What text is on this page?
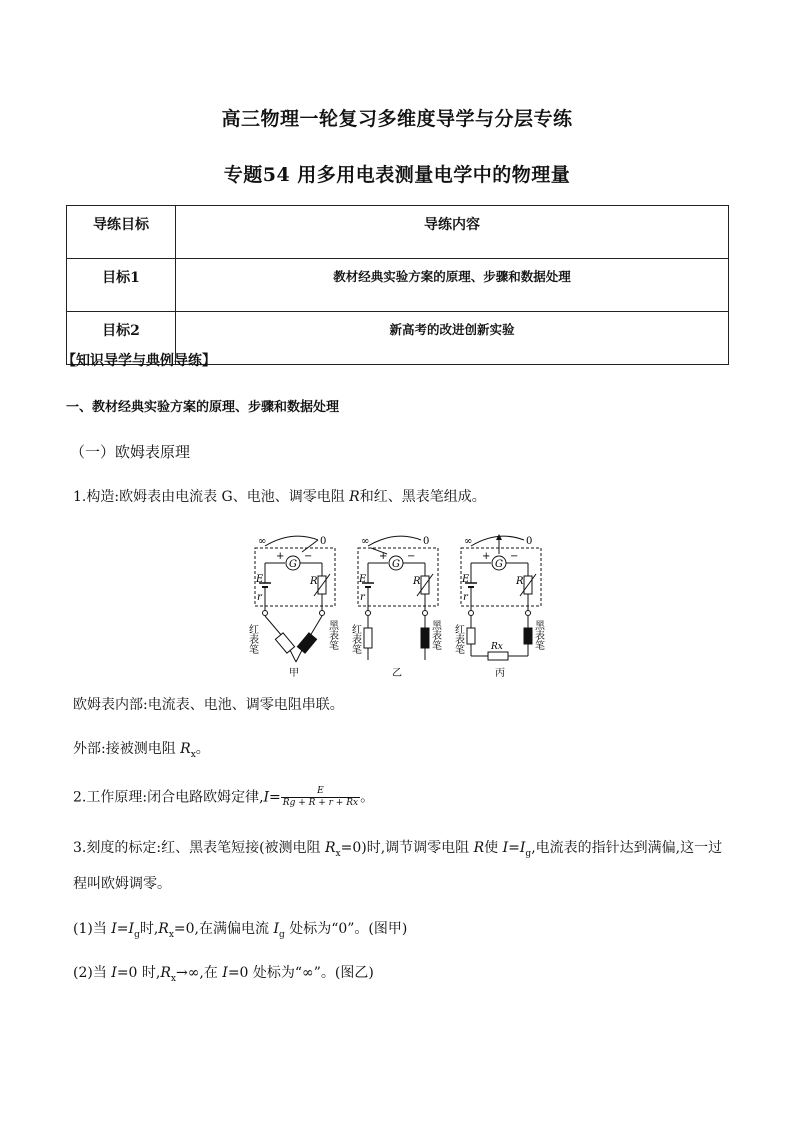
高三物理一轮复习多维度导学与分层专练
专题54 用多用电表测量电学中的物理量
导练目标	导练内容
目标1	教材经典实验方案的原理、步骤和数据处理
目标2	新高考的改进创新实验
【知识导学与典例导练】
一、教材经典实验方案的原理、步骤和数据处理
（一）欧姆表原理
1.构造:欧姆表由电流表 G、电池、调零电阻 R和红、黑表笔组成。
∞	0
G
+ −
E
r
R
红表笔	黑表笔
甲
∞	0
G
+ −
E
r
R
红表笔	黑表笔
乙
∞	0
G
+ −
E
r
R
红表笔	黑表笔
Rx
丙
欧姆表内部:电流表、电池、调零电阻串联。
外部:接被测电阻 $R_x$。
2.工作原理:闭合电路欧姆定律$,I= \frac{E}{Rg + R + r + Rx}$ 。
3.刻度的标定:红、黑表笔短接(被测电阻 $R_x=0$)时,调节调零电阻 R使 $I=I_g$,电流表的指针达到满偏,这一过程叫欧姆调零。
(1)当 $I=I_g$时$,R_x=0$,在满偏电流 $I_g$ 处标为“0”。(图甲)
(2)当 I=0 时$,R_x\to\infty$,在 I=0 处标为“∞”。(图乙)
